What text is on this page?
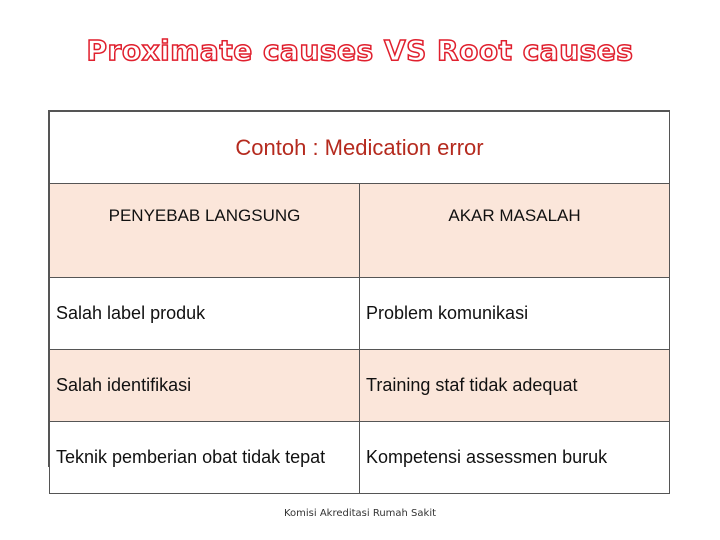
Proximate causes VS Root causes
Contoh : Medication error	
PENYEBAB LANGSUNG	AKAR MASALAH
Salah label produk	Problem komunikasi
Salah identifikasi	Training staf tidak adequat
Teknik pemberian obat tidak tepat	Kompetensi assessmen buruk
Komisi Akreditasi Rumah Sakit
